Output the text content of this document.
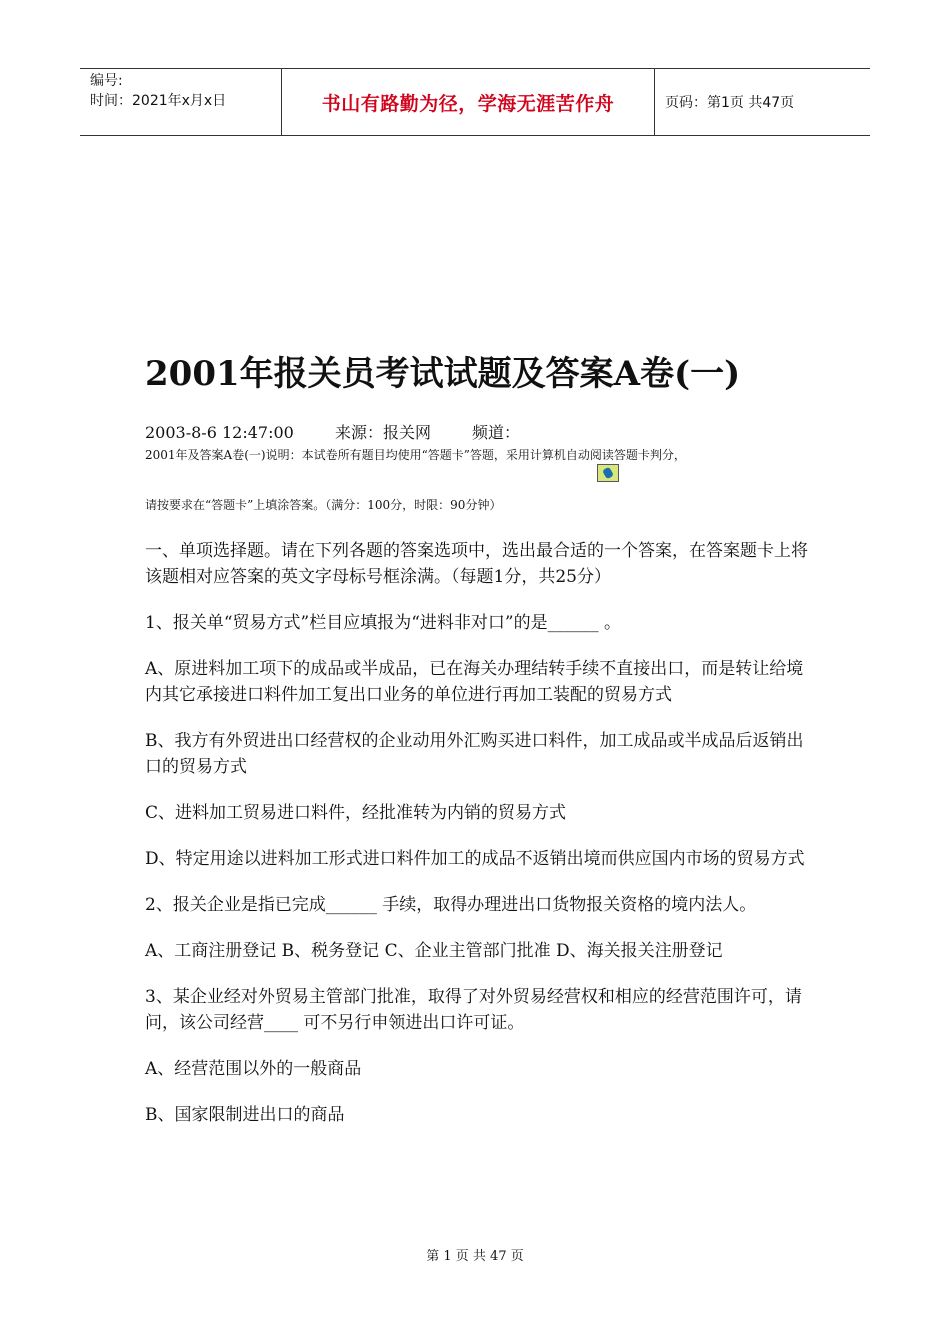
编号:
时间：2021年x月x日	书山有路勤为径，学海无涯苦作舟	页码：第1页 共47页
2001年报关员考试试题及答案A卷(一)
2003-8-6 12:47:00	来源：报关网	频道：
2001年及答案A卷(一)说明：本试卷所有题目均使用“答题卡”答题，采用计算机自动阅读答题卡判分，
请按要求在“答题卡”上填涂答案。（满分：100分，时限：90分钟）

一、单项选择题。请在下列各题的答案选项中，选出最合适的一个答案，在答案题卡上将该题相对应答案的英文字母标号框涂满。（每题1分，共25分）

1、报关单“贸易方式”栏目应填报为“进料非对口”的是______ 。

A、原进料加工项下的成品或半成品，已在海关办理结转手续不直接出口，而是转让给境内其它承接进口料件加工复出口业务的单位进行再加工装配的贸易方式

B、我方有外贸进出口经营权的企业动用外汇购买进口料件，加工成品或半成品后返销出口的贸易方式

C、进料加工贸易进口料件，经批准转为内销的贸易方式

D、特定用途以进料加工形式进口料件加工的成品不返销出境而供应国内市场的贸易方式

2、报关企业是指已完成______ 手续，取得办理进出口货物报关资格的境内法人。

A、工商注册登记 B、税务登记 C、企业主管部门批准 D、海关报关注册登记

3、某企业经对外贸易主管部门批准，取得了对外贸易经营权和相应的经营范围许可，请问，该公司经营____ 可不另行申领进出口许可证。

A、经营范围以外的一般商品

B、国家限制进出口的商品

第 1 页 共 47 页
